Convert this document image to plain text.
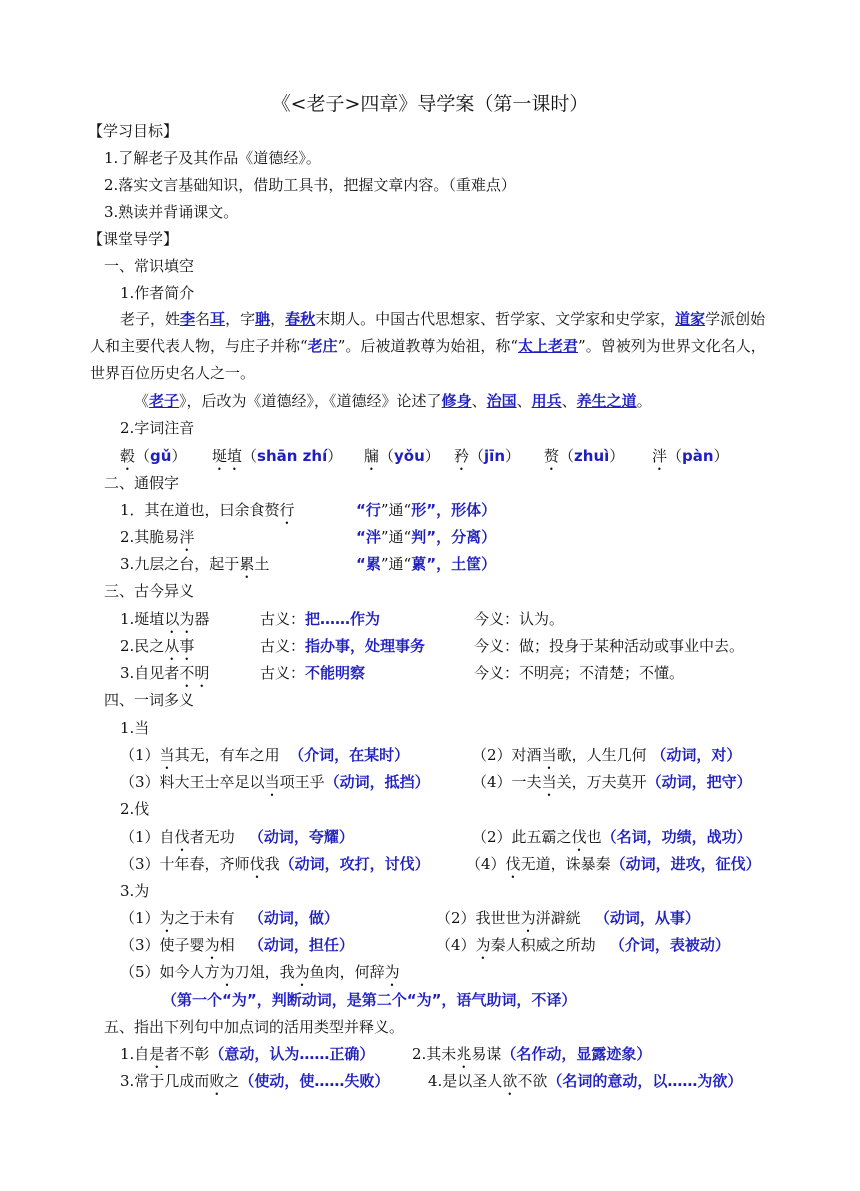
《<老子>四章》导学案（第一课时）
【学习目标】
1.了解老子及其作品《道德经》。
2.落实文言基础知识，借助工具书，把握文章内容。（重难点）
3.熟读并背诵课文。
【课堂导学】
一、常识填空
1.作者简介
老子，姓李名耳，字聃，春秋末期人。中国古代思想家、哲学家、文学家和史学家，道家学派创始人和主要代表人物，与庄子并称“老庄”。后被道教尊为始祖，称“太上老君”。曾被列为世界文化名人，世界百位历史名人之一。
《老子》，后改为《道德经》，《道德经》论述了修身、治国、用兵、养生之道。
2.字词注音
毂（gǔ） 埏埴（shān zhí） 牖（yǒu） 矜（jīn） 赘（zhuì） 泮（pàn）
二、通假字
1．其在道也，曰余食赘行	“行”通“形”，形体）
2.其脆易泮	“泮”通“判”，分离）
3.九层之台，起于累土	“累”通“蔂”，土筐）
三、古今异义
1.埏埴以为器	古义：把……作为	今义：认为。
2.民之从事	古义：指办事，处理事务	今义：做；投身于某种活动或事业中去。
3.自见者不明	古义：不能明察	今义：不明亮；不清楚；不懂。
四、一词多义
1.当
（1）当其无，有车之用 （介词，在某时）	（2）对酒当歌，人生几何 （动词，对）
（3）料大王士卒足以当项王乎（动词，抵挡）	（4）一夫当关，万夫莫开（动词，把守）
2.伐
（1）自伐者无功 （动词，夸耀）	（2）此五霸之伐也（名词，功绩，战功）
（3）十年春，齐师伐我（动词，攻打，讨伐） （4）伐无道，诛暴秦（动词，进攻，征伐）
3.为
（1）为之于未有 （动词，做）	（2）我世世为洴澼絖 （动词，从事）
（3）使子婴为相 （动词，担任）	（4）为秦人积威之所劫 （介词，表被动）
（5）如今人方为刀俎，我为鱼肉，何辞为
（第一个“为”，判断动词，是第二个“为”，语气助词，不译）
五、指出下列句中加点词的活用类型并释义。
1.自是者不彰（意动，认为……正确）	2.其未兆易谋（名作动，显露迹象）
3.常于几成而败之（使动，使……失败）	4.是以圣人欲不欲（名词的意动，以……为欲）
